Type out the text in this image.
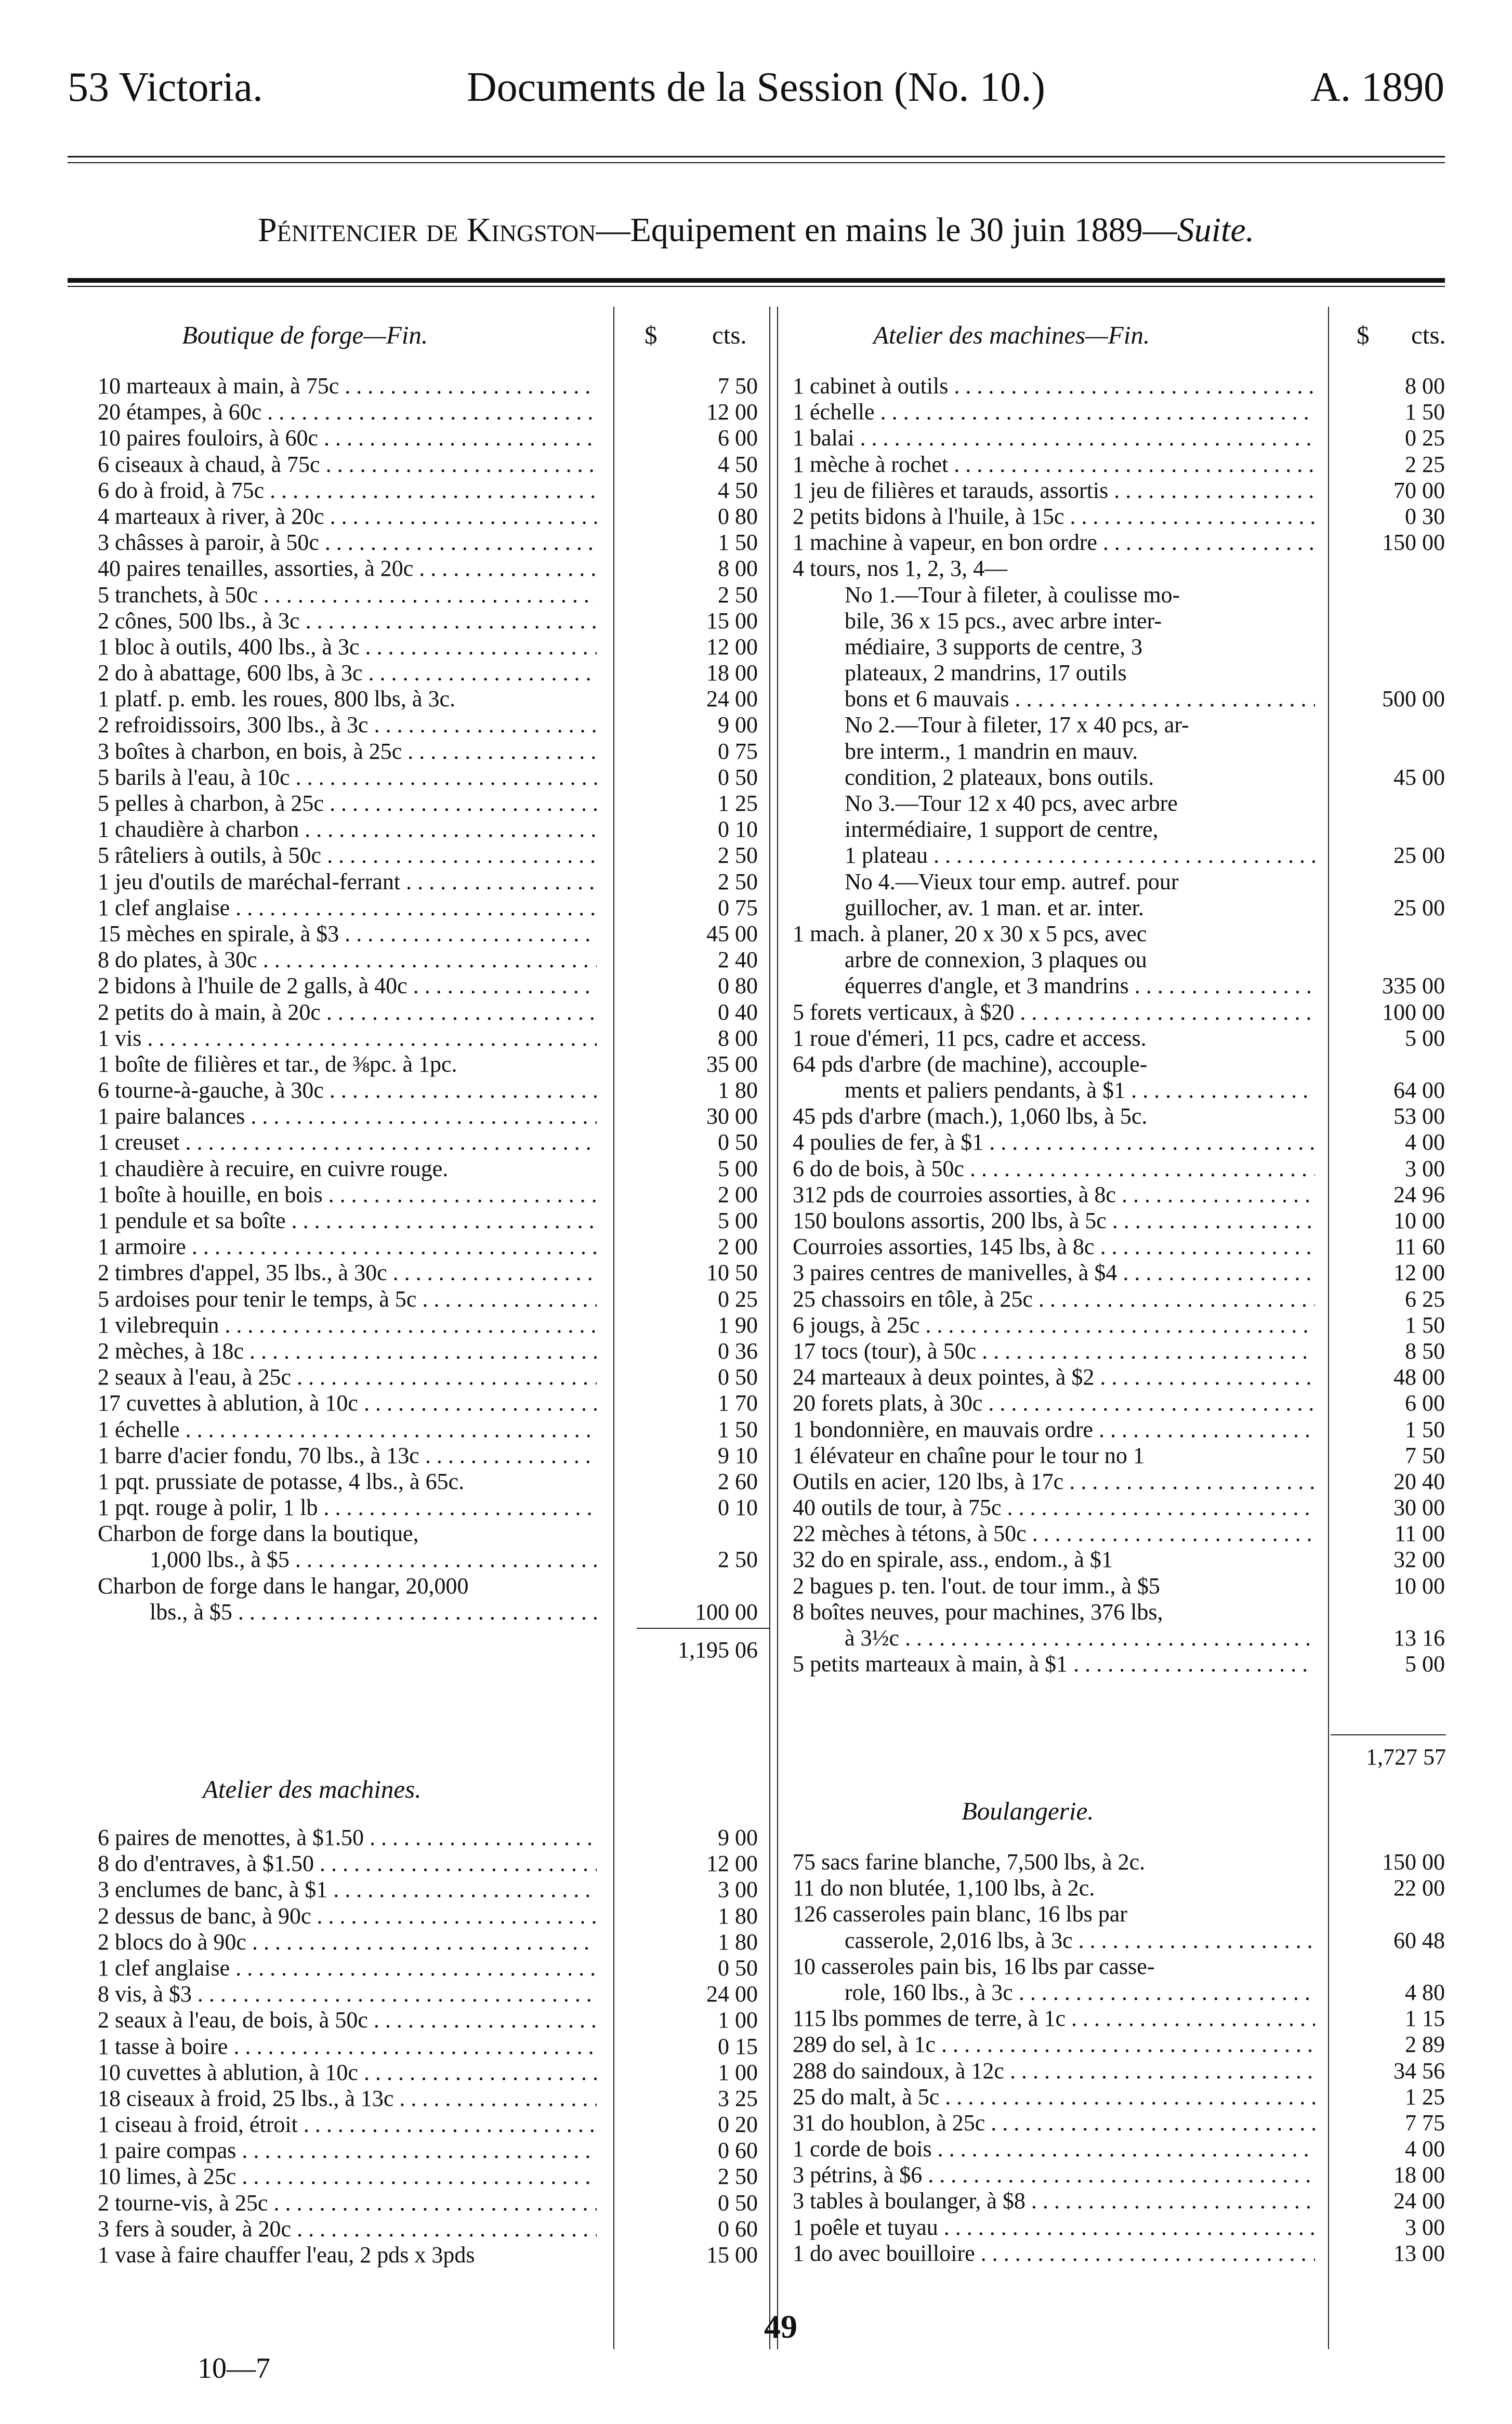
53 Victoria.	Documents de la Session (No. 10.)	A. 1890
Pénitencier de Kingston—Equipement en mains le 30 juin 1889—Suite.
Boutique de forge—Fin.	$ cts.	Atelier des machines—Fin.	$ cts.
10 marteaux à main, à 75c . . .	7 50
20 étampes, à 60c . . .	12 00
10 paires fouloirs, à 60c . . .	6 00
6 ciseaux à chaud, à 75c . . .	4 50
6 do à froid, à 75c . . .	4 50
4 marteaux à river, à 20c . . .	0 80
3 châsses à paroir, à 50c . . .	1 50
40 paires tenailles, assorties, à 20c . . .	8 00
5 tranchets, à 50c . . .	2 50
2 cônes, 500 lbs., à 3c . . .	15 00
1 bloc à outils, 400 lbs., à 3c . . .	12 00
2 do à abattage, 600 lbs, à 3c . . .	18 00
1 platf. p. emb. les roues, 800 lbs, à 3c.	24 00
2 refroidissoirs, 300 lbs., à 3c . . .	9 00
3 boîtes à charbon, en bois, à 25c . . .	0 75
5 barils à l'eau, à 10c . . .	0 50
5 pelles à charbon, à 25c . . .	1 25
1 chaudière à charbon . . .	0 10
5 râteliers à outils, à 50c . . .	2 50
1 jeu d'outils de maréchal-ferrant . . .	2 50
1 clef anglaise . . .	0 75
15 mèches en spirale, à $3 . . .	45 00
8 do plates, à 30c . . .	2 40
2 bidons à l'huile de 2 galls, à 40c . . .	0 80
2 petits do à main, à 20c . . .	0 40
1 vis . . .	8 00
1 boîte de filières et tar., de ⅜pc. à 1pc.	35 00
6 tourne-à-gauche, à 30c . . .	1 80
1 paire balances . . .	30 00
1 creuset . . .	0 50
1 chaudière à recuire, en cuivre rouge.	5 00
1 boîte à houille, en bois . . .	2 00
1 pendule et sa boîte . . .	5 00
1 armoire . . .	2 00
2 timbres d'appel, 35 lbs., à 30c . . .	10 50
5 ardoises pour tenir le temps, à 5c . . .	0 25
1 vilebrequin . . .	1 90
2 mèches, à 18c . . .	0 36
2 seaux à l'eau, à 25c . . .	0 50
17 cuvettes à ablution, à 10c . . .	1 70
1 échelle . . .	1 50
1 barre d'acier fondu, 70 lbs., à 13c . . .	9 10
1 pqt. prussiate de potasse, 4 lbs., à 65c.	2 60
1 pqt. rouge à polir, 1 lb . . .	0 10
Charbon de forge dans la boutique,
1,000 lbs., à $5 . . .	2 50
Charbon de forge dans le hangar, 20,000
lbs., à $5 . . .	100 00
1,195 06
Atelier des machines.
6 paires de menottes, à $1.50 . . .	9 00
8 do d'entraves, à $1.50 . . .	12 00
3 enclumes de banc, à $1 . . .	3 00
2 dessus de banc, à 90c . . .	1 80
2 blocs do à 90c . . .	1 80
1 clef anglaise . . .	0 50
8 vis, à $3 . . .	24 00
2 seaux à l'eau, de bois, à 50c . . .	1 00
1 tasse à boire . . .	0 15
10 cuvettes à ablution, à 10c . . .	1 00
18 ciseaux à froid, 25 lbs., à 13c . . .	3 25
1 ciseau à froid, étroit . . .	0 20
1 paire compas . . .	0 60
10 limes, à 25c . . .	2 50
2 tourne-vis, à 25c . . .	0 50
3 fers à souder, à 20c . . .	0 60
1 vase à faire chauffer l'eau, 2 pds x 3pds	15 00
1 cabinet à outils . . .	8 00
1 échelle . . .	1 50
1 balai . . .	0 25
1 mèche à rochet . . .	2 25
1 jeu de filières et tarauds, assortis . . .	70 00
2 petits bidons à l'huile, à 15c . . .	0 30
1 machine à vapeur, en bon ordre . . .	150 00
4 tours, nos 1, 2, 3, 4—
No 1.—Tour à fileter, à coulisse mo-
bile, 36 x 15 pcs., avec arbre inter-
médiaire, 3 supports de centre, 3
plateaux, 2 mandrins, 17 outils
bons et 6 mauvais . . .	500 00
No 2.—Tour à fileter, 17 x 40 pcs, ar-
bre interm., 1 mandrin en mauv.
condition, 2 plateaux, bons outils.	45 00
No 3.—Tour 12 x 40 pcs, avec arbre
intermédiaire, 1 support de centre,
1 plateau . . .	25 00
No 4.—Vieux tour emp. autref. pour
guillocher, av. 1 man. et ar. inter.	25 00
1 mach. à planer, 20 x 30 x 5 pcs, avec
arbre de connexion, 3 plaques ou
équerres d'angle, et 3 mandrins . . .	335 00
5 forets verticaux, à $20 . . .	100 00
1 roue d'émeri, 11 pcs, cadre et access.	5 00
64 pds d'arbre (de machine), accouple-
ments et paliers pendants, à $1 . . .	64 00
45 pds d'arbre (mach.), 1,060 lbs, à 5c.	53 00
4 poulies de fer, à $1 . . .	4 00
6 do de bois, à 50c . . .	3 00
312 pds de courroies assorties, à 8c . . .	24 96
150 boulons assortis, 200 lbs, à 5c . . .	10 00
Courroies assorties, 145 lbs, à 8c . . .	11 60
3 paires centres de manivelles, à $4 . . .	12 00
25 chassoirs en tôle, à 25c . . .	6 25
6 jougs, à 25c . . .	1 50
17 tocs (tour), à 50c . . .	8 50
24 marteaux à deux pointes, à $2 . . .	48 00
20 forets plats, à 30c . . .	6 00
1 bondonnière, en mauvais ordre . . .	1 50
1 élévateur en chaîne pour le tour no 1	7 50
Outils en acier, 120 lbs, à 17c . . .	20 40
40 outils de tour, à 75c . . .	30 00
22 mèches à tétons, à 50c . . .	11 00
32 do en spirale, ass., endom., à $1	32 00
2 bagues p. ten. l'out. de tour imm., à $5	10 00
8 boîtes neuves, pour machines, 376 lbs,
à 3½c . . .	13 16
5 petits marteaux à main, à $1 . . .	5 00
1,727 57
Boulangerie.
75 sacs farine blanche, 7,500 lbs, à 2c.	150 00
11 do non blutée, 1,100 lbs, à 2c.	22 00
126 casseroles pain blanc, 16 lbs par
casserole, 2,016 lbs, à 3c . . .	60 48
10 casseroles pain bis, 16 lbs par casse-
role, 160 lbs., à 3c . . .	4 80
115 lbs pommes de terre, à 1c . . .	1 15
289 do sel, à 1c . . .	2 89
288 do saindoux, à 12c . . .	34 56
25 do malt, à 5c . . .	1 25
31 do houblon, à 25c . . .	7 75
1 corde de bois . . .	4 00
3 pétrins, à $6 . . .	18 00
3 tables à boulanger, à $8 . . .	24 00
1 poêle et tuyau . . .	3 00
1 do avec bouilloire . . .	13 00
49
10—7
